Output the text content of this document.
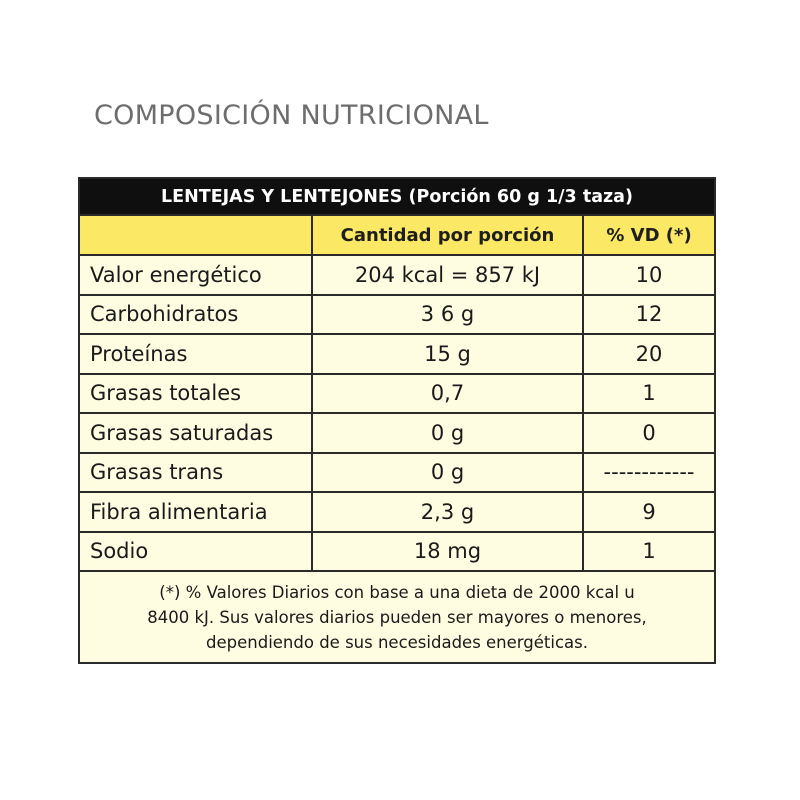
COMPOSICIÓN NUTRICIONAL
LENTEJAS Y LENTEJONES (Porción 60 g 1/3 taza)		
	Cantidad por porción	% VD (*)
Valor energético	204 kcal = 857 kJ	10
Carbohidratos	3 6 g	12
Proteínas	15 g	20
Grasas totales	0,7	1
Grasas saturadas	0 g	0
Grasas trans	0 g	------------
Fibra alimentaria	2,3 g	9
Sodio	18 mg	1

(*) % Valores Diarios con base a una dieta de 2000 kcal u
8400 kJ. Sus valores diarios pueden ser mayores o menores,
dependiendo de sus necesidades energéticas.		
